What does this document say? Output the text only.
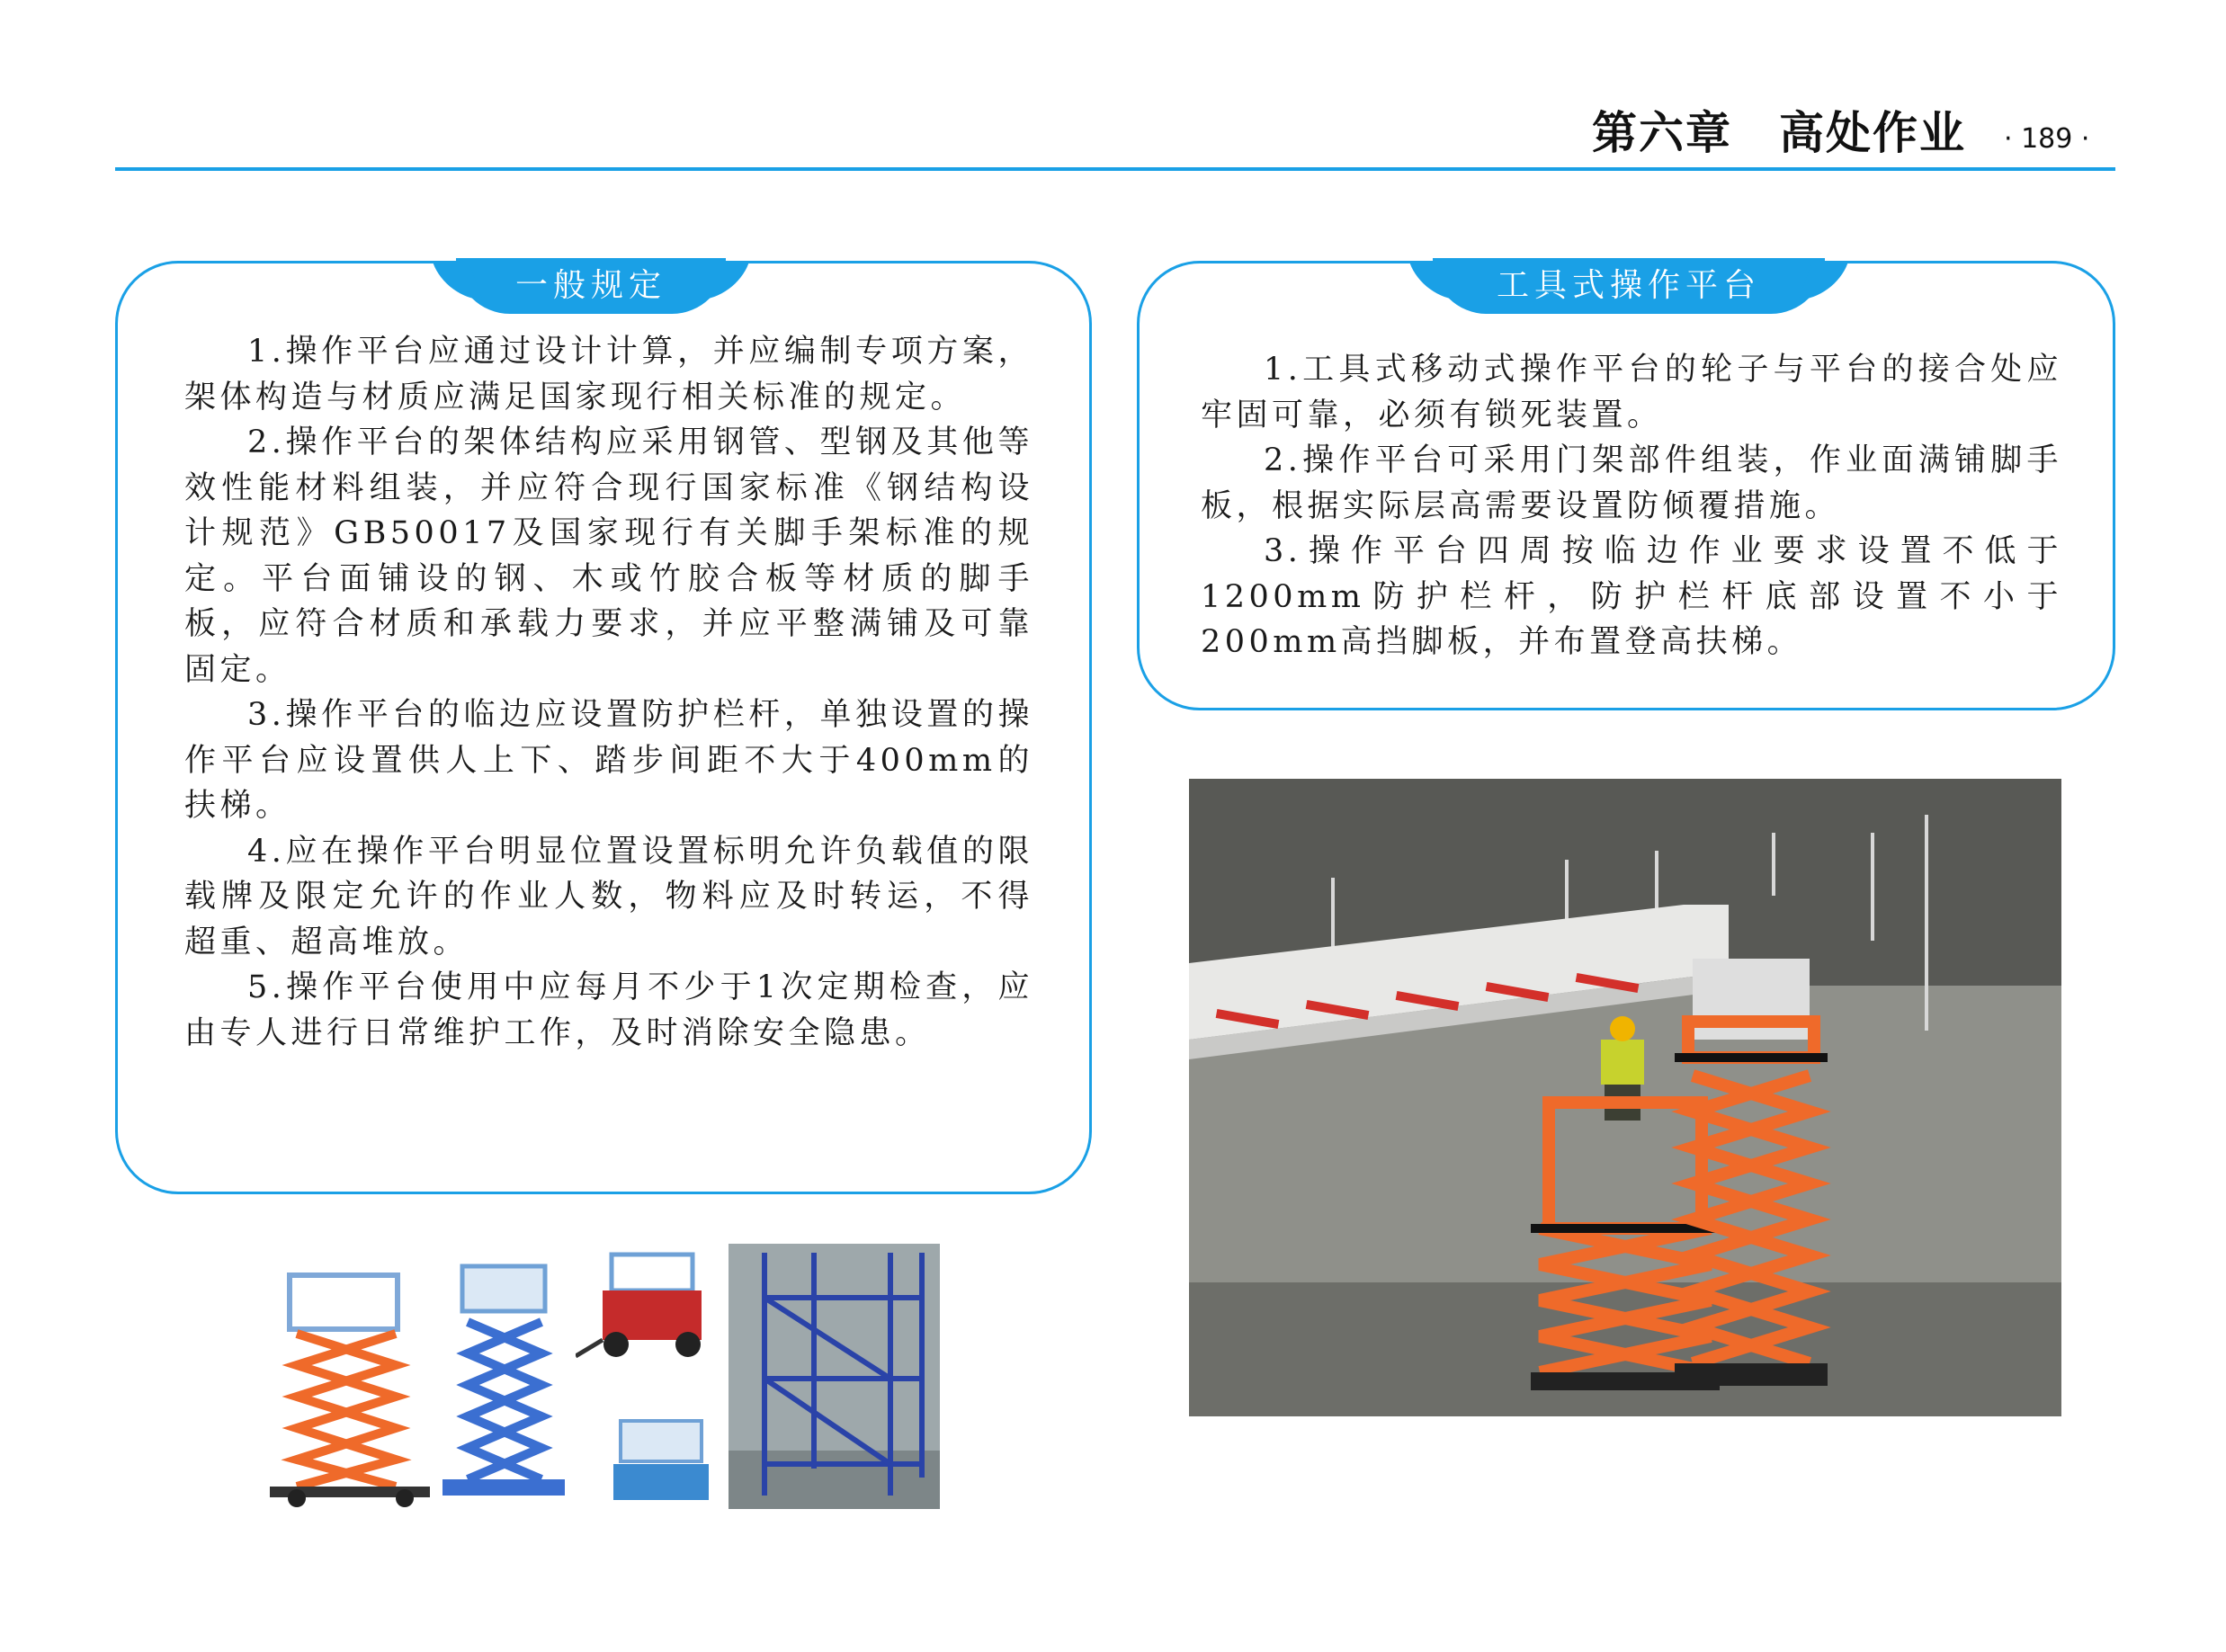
第六章　高处作业 · 189 ·
一般规定

1.操作平台应通过设计计算，并应编制专项方案，架体构造与材质应满足国家现行相关标准的规定。

2.操作平台的架体结构应采用钢管、型钢及其他等效性能材料组装，并应符合现行国家标准《钢结构设计规范》GB50017及国家现行有关脚手架标准的规定。平台面铺设的钢、木或竹胶合板等材质的脚手板，应符合材质和承载力要求，并应平整满铺及可靠固定。

3.操作平台的临边应设置防护栏杆，单独设置的操作平台应设置供人上下、踏步间距不大于400mm的扶梯。

4.应在操作平台明显位置设置标明允许负载值的限载牌及限定允许的作业人数，物料应及时转运，不得超重、超高堆放。

5.操作平台使用中应每月不少于1次定期检查，应由专人进行日常维护工作，及时消除安全隐患。

工具式操作平台

1.工具式移动式操作平台的轮子与平台的接合处应牢固可靠，必须有锁死装置。

2.操作平台可采用门架部件组装，作业面满铺脚手板，根据实际层高需要设置防倾覆措施。

3.操作平台四周按临边作业要求设置不低于1200mm防护栏杆，防护栏杆底部设置不小于200mm高挡脚板，并布置登高扶梯。
